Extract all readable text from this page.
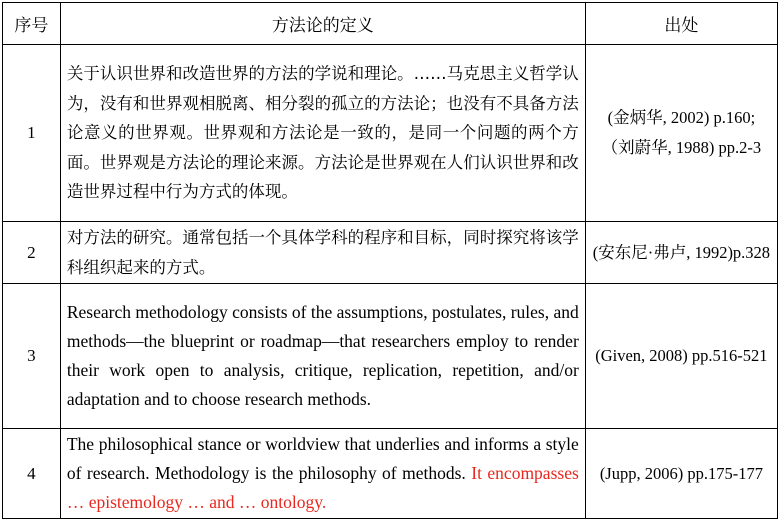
序号	方法论的定义	出处
1	关于认识世界和改造世界的方法的学说和理论。……马克思主义哲学认为，没有和世界观相脱离、相分裂的孤立的方法论；也没有不具备方法论意义的世界观。世界观和方法论是一致的，是同一个问题的两个方面。世界观是方法论的理论来源。方法论是世界观在人们认识世界和改造世界过程中行为方式的体现。	(金炳华, 2002) p.160;（刘蔚华, 1988) pp.2-3
2	对方法的研究。通常包括一个具体学科的程序和目标，同时探究将该学科组织起来的方式。	(安东尼·弗卢, 1992)p.328
3	Research methodology consists of the assumptions, postulates, rules, and methods—the blueprint or roadmap—that researchers employ to render their work open to analysis, critique, replication, repetition, and/or adaptation and to choose research methods.	(Given, 2008) pp.516-521
4	The philosophical stance or worldview that underlies and informs a style of research. Methodology is the philosophy of methods. It encompasses … epistemology … and … ontology.	(Jupp, 2006) pp.175-177
